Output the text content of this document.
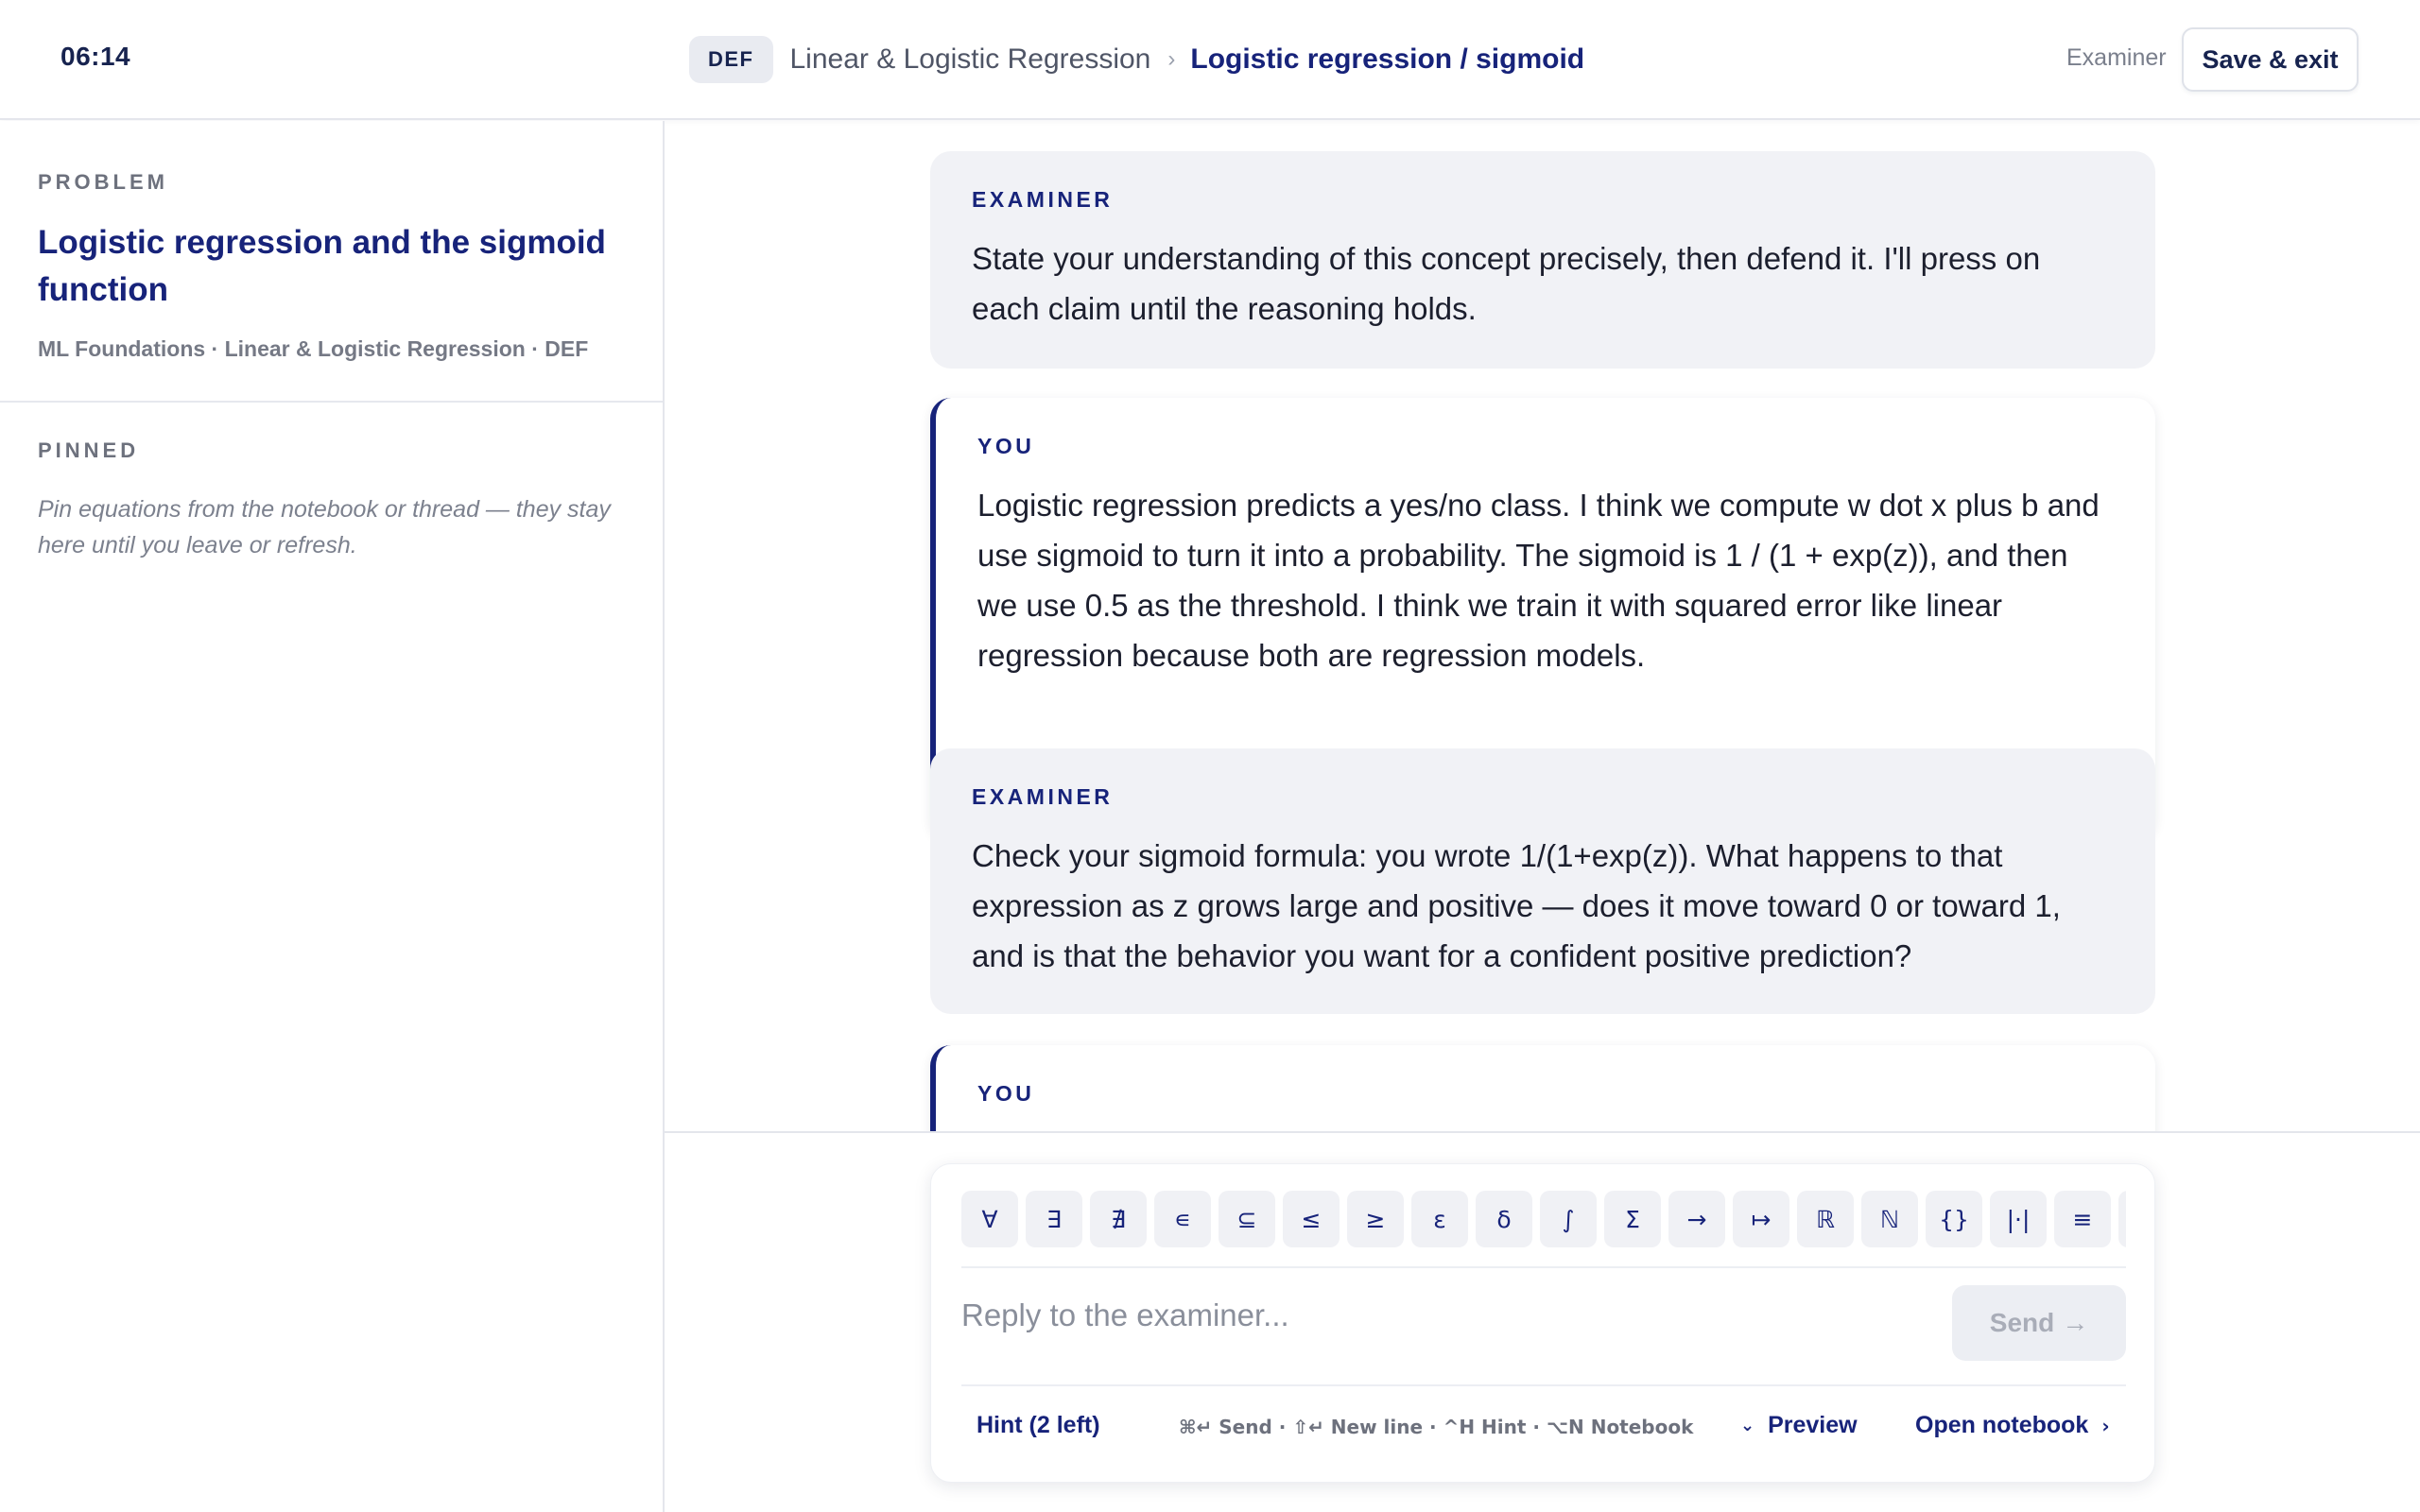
06:14	DEF	Linear & Logistic Regression › Logistic regression / sigmoid	Examiner	Save & exit
PROBLEM
Logistic regression and the sigmoid function
ML Foundations · Linear & Logistic Regression · DEF
PINNED
Pin equations from the notebook or thread — they stay here until you leave or refresh.
EXAMINER
State your understanding of this concept precisely, then defend it. I'll press on each claim until the reasoning holds.
YOU
Logistic regression predicts a yes/no class. I think we compute w dot x plus b and use sigmoid to turn it into a probability. The sigmoid is 1 / (1 + exp(z)), and then we use 0.5 as the threshold. I think we train it with squared error like linear regression because both are regression models.
EXAMINER
Check your sigmoid formula: you wrote 1/(1+exp(z)). What happens to that expression as z grows large and positive — does it move toward 0 or toward 1, and is that the behavior you want for a confident positive prediction?
YOU
∀	∃	∄	∊	⊆	≤	≥	ε	δ	∫	Σ	→	↦	ℝ	ℕ	{}	|·|	≡
Reply to the examiner...
Send →
Hint (2 left)	⌘↵ Send · ⇧↵ New line · ^H Hint · ⌥N Notebook	⌄ Preview Open notebook ›
